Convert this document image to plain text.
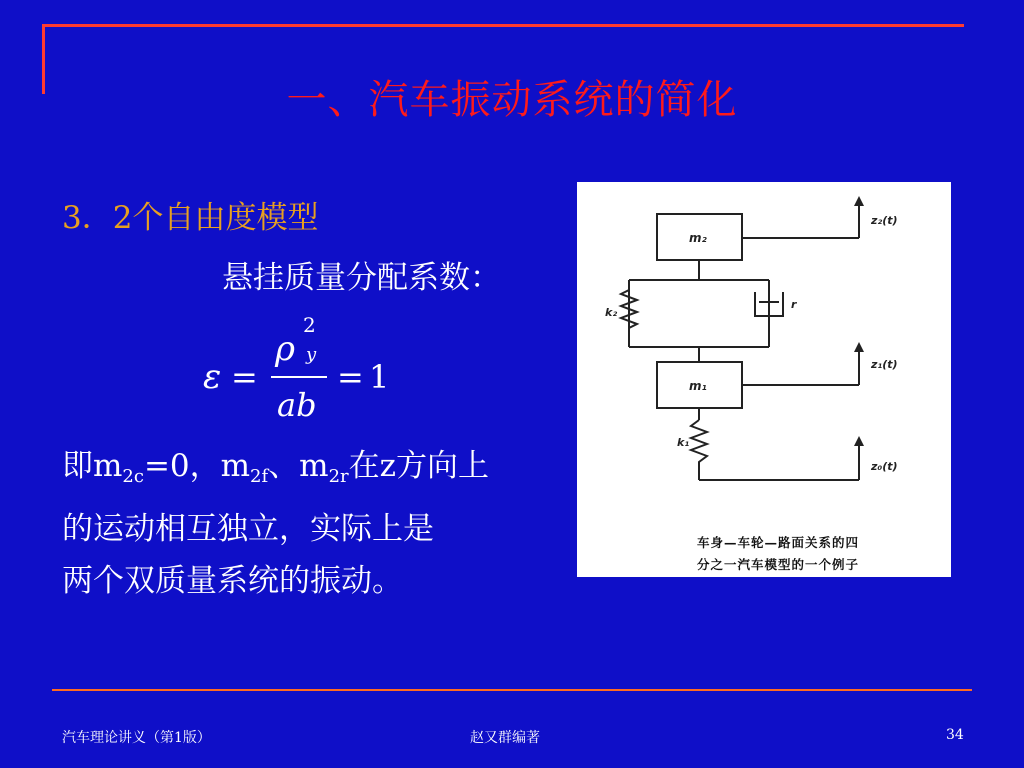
一、汽车振动系统的简化
3．2个自由度模型
悬挂质量分配系数：
ε =
ρ
2
y
ab
= 1
即$m_{2c}=0$，$m_{2f}$、$m_{2r}$在z方向上
的运动相互独立，实际上是
两个双质量系统的振动。
m₂
m₁
k₂
k₁
r
z₂(t)
z₁(t)
z₀(t)
车身—车轮—路面关系的四
分之一汽车模型的一个例子
汽车理论讲义（第1版）	赵又群编著	34
